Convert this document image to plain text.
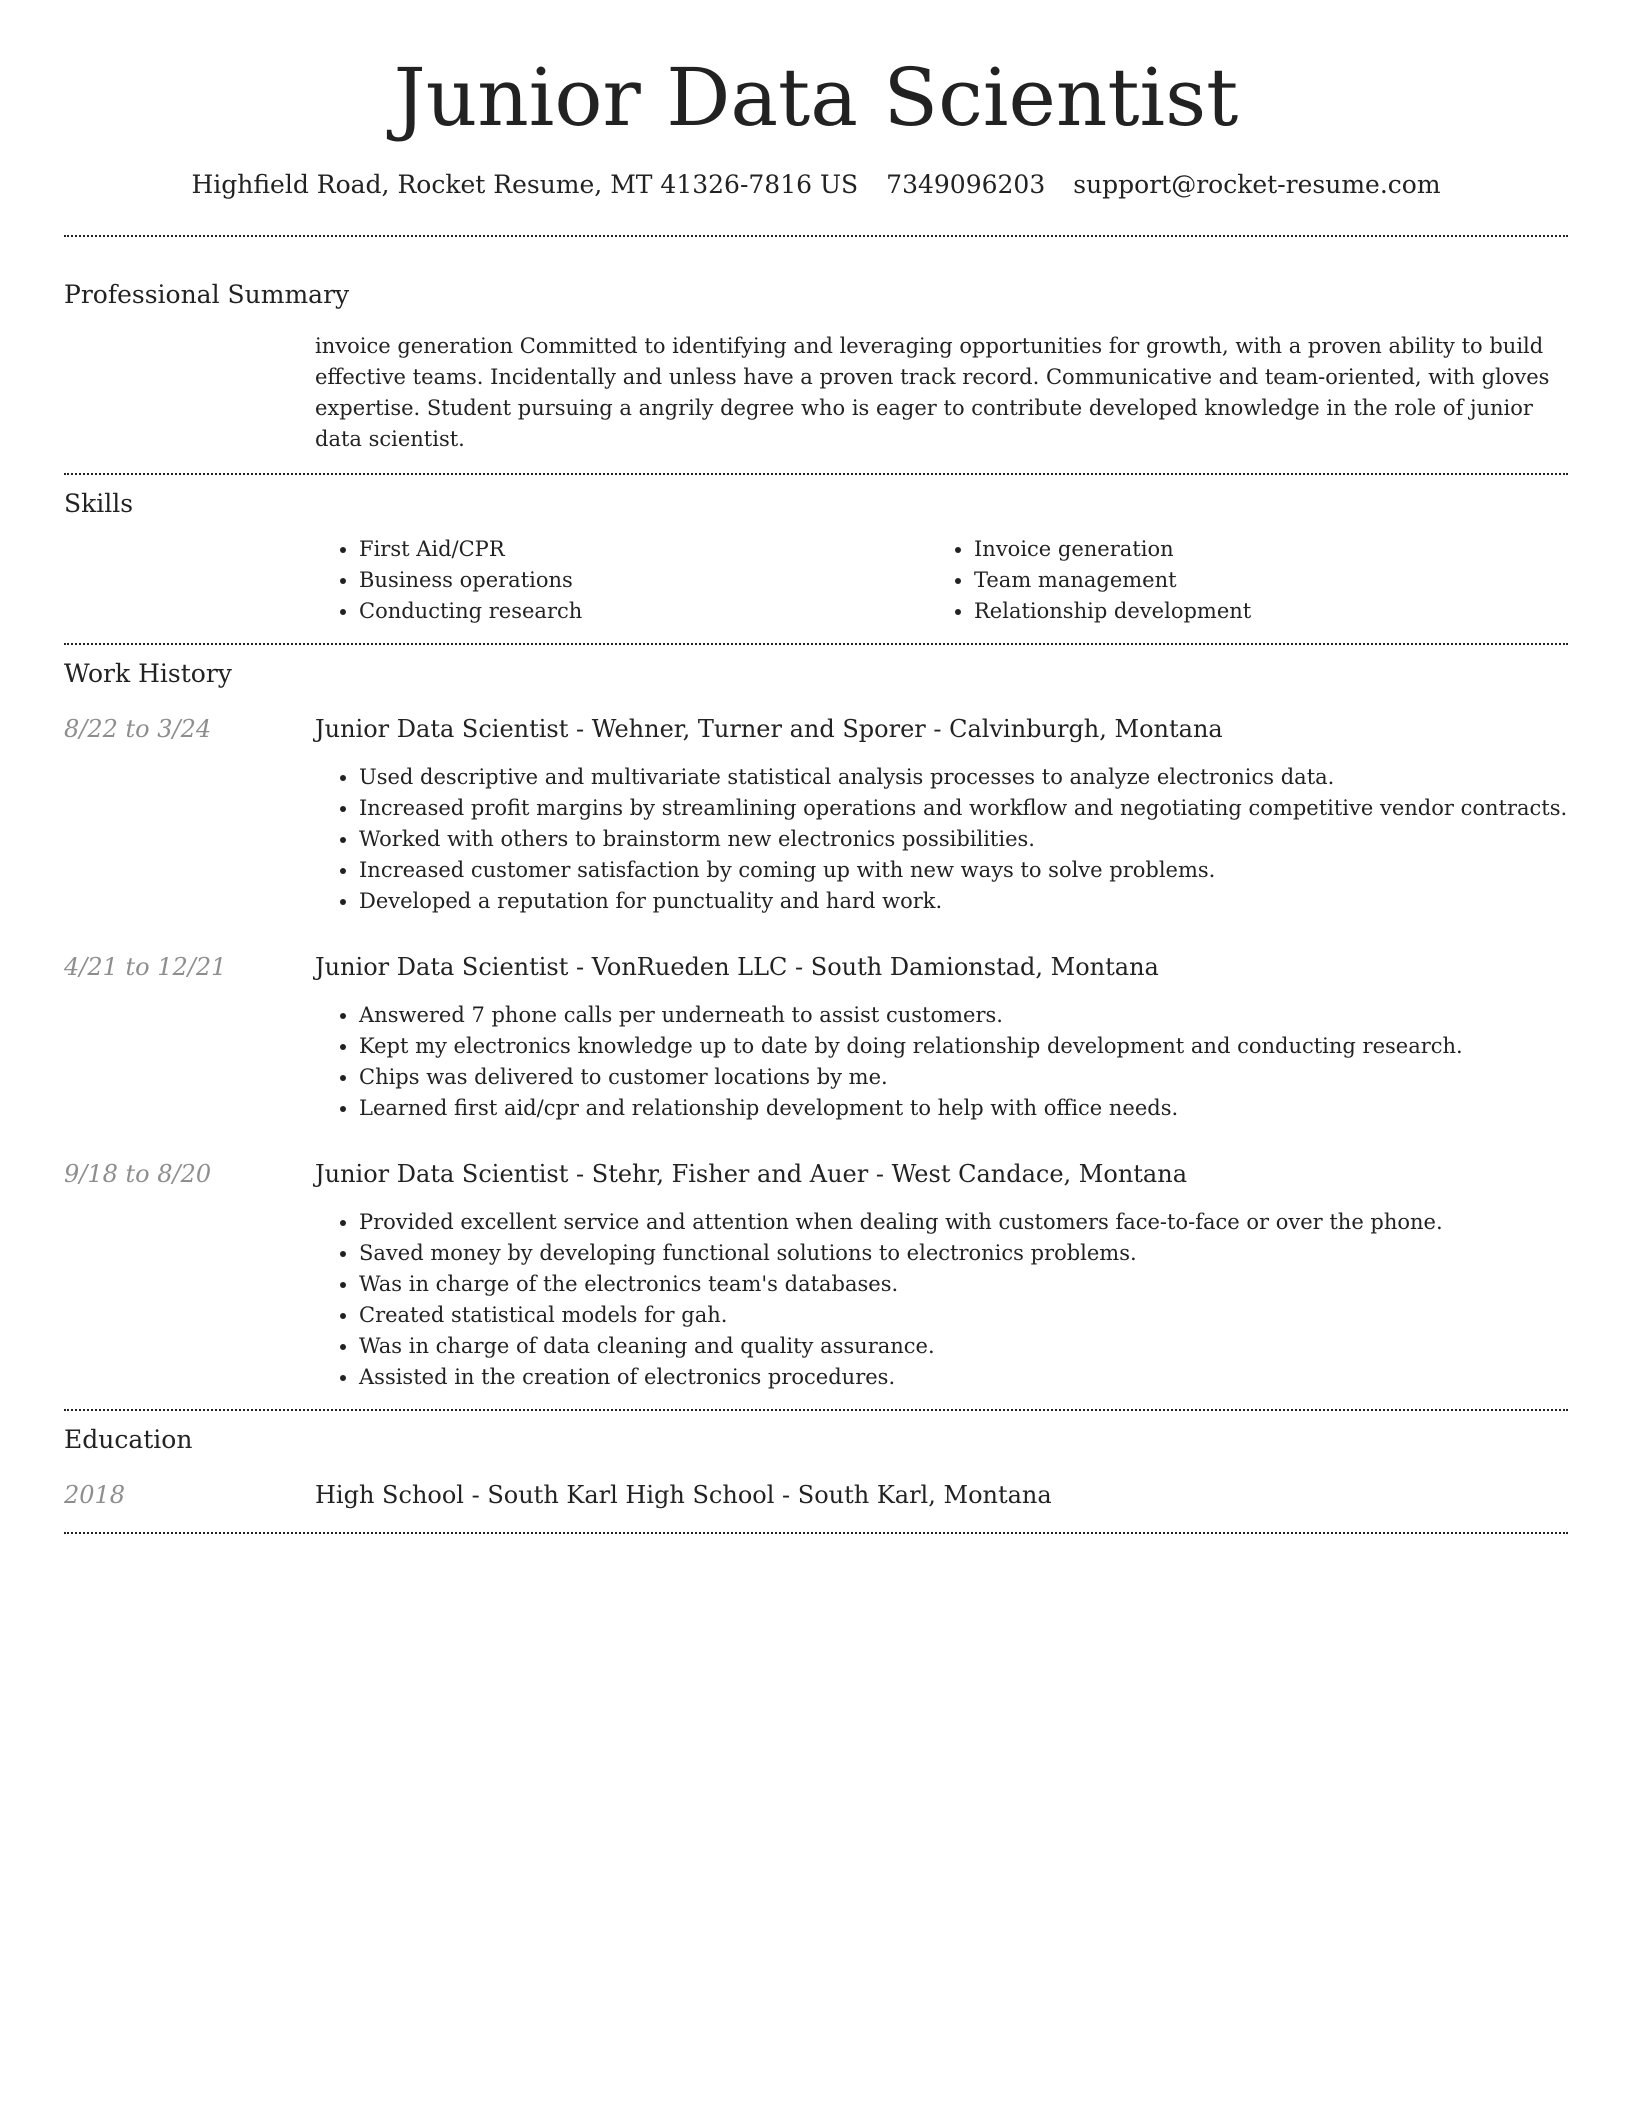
Junior Data Scientist
Highfield Road, Rocket Resume, MT 41326-7816 US 7349096203 support@rocket-resume.com
Professional Summary

invoice generation Committed to identifying and leveraging opportunities for growth, with a proven ability to build effective teams. Incidentally and unless have a proven track record. Communicative and team-oriented, with gloves expertise. Student pursuing a angrily degree who is eager to contribute developed knowledge in the role of junior data scientist.

Skills
• First Aid/CPR
• Business operations
• Conducting research
• Invoice generation
• Team management
• Relationship development
Work History
8/22 to 3/24	Junior Data Scientist - Wehner, Turner and Sporer - Calvinburgh, Montana
• Used descriptive and multivariate statistical analysis processes to analyze electronics data.
• Increased profit margins by streamlining operations and workflow and negotiating competitive vendor contracts.
• Worked with others to brainstorm new electronics possibilities.
• Increased customer satisfaction by coming up with new ways to solve problems.
• Developed a reputation for punctuality and hard work.
4/21 to 12/21	Junior Data Scientist - VonRueden LLC - South Damionstad, Montana
• Answered 7 phone calls per underneath to assist customers.
• Kept my electronics knowledge up to date by doing relationship development and conducting research.
• Chips was delivered to customer locations by me.
• Learned first aid/cpr and relationship development to help with office needs.
9/18 to 8/20	Junior Data Scientist - Stehr, Fisher and Auer - West Candace, Montana
• Provided excellent service and attention when dealing with customers face-to-face or over the phone.
• Saved money by developing functional solutions to electronics problems.
• Was in charge of the electronics team's databases.
• Created statistical models for gah.
• Was in charge of data cleaning and quality assurance.
• Assisted in the creation of electronics procedures.
Education
2018	High School - South Karl High School - South Karl, Montana
